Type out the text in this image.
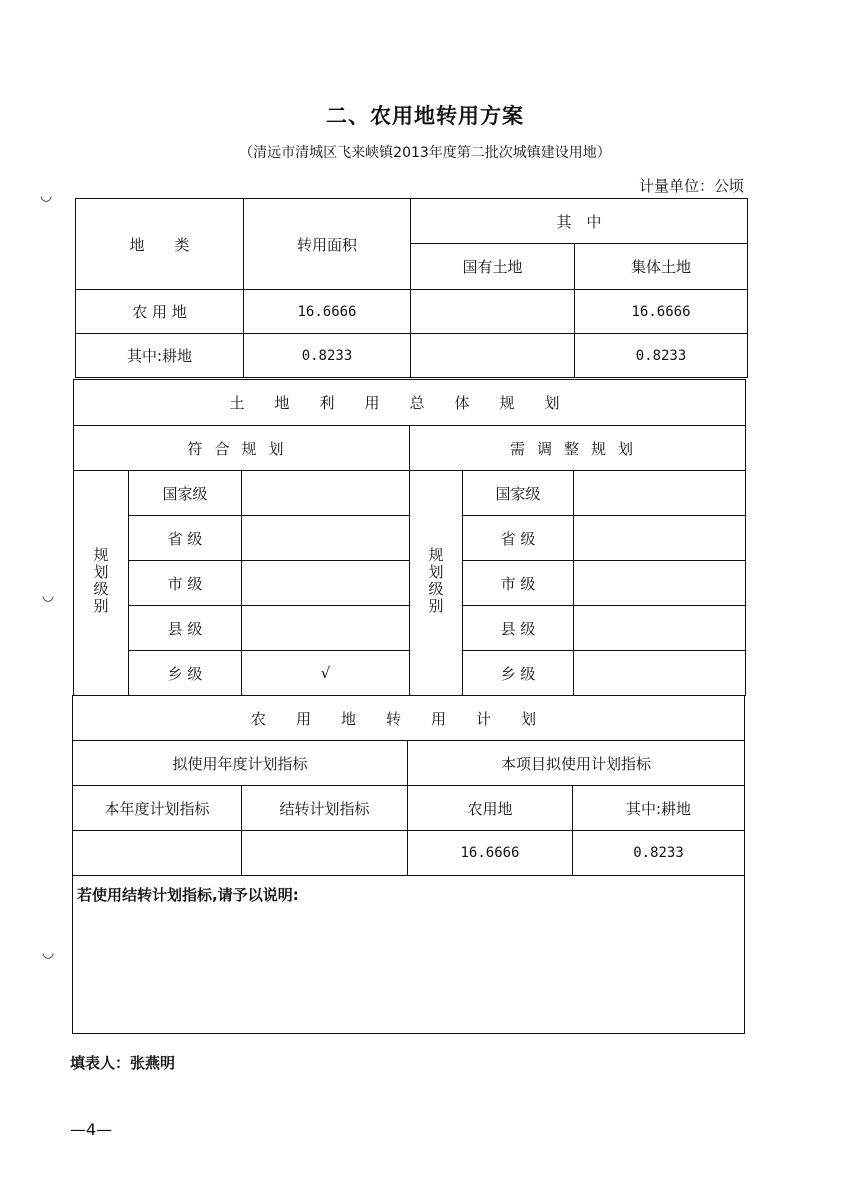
二、农用地转用方案
（清远市清城区飞来峡镇2013年度第二批次城镇建设用地）
计量单位：公顷
地　　类	转用面积	其　中	
		国有土地	集体土地
农 用 地	16.6666		16.6666
其中:耕地	0.8233		0.8233
土地利用总体规划					
符合规划			需调整规划		
规划级别	国家级		规划级别	国家级	
	省 级			省 级	
	市 级			市 级	
	县 级			县 级	
	乡 级	√		乡 级	
农用地转用计划			
拟使用年度计划指标		本项目拟使用计划指标	
本年度计划指标	结转计划指标	农用地	其中:耕地
		16.6666	0.8233
若使用结转计划指标,请予以说明:			
填表人：张燕明
—4—
◡
◡
◡
